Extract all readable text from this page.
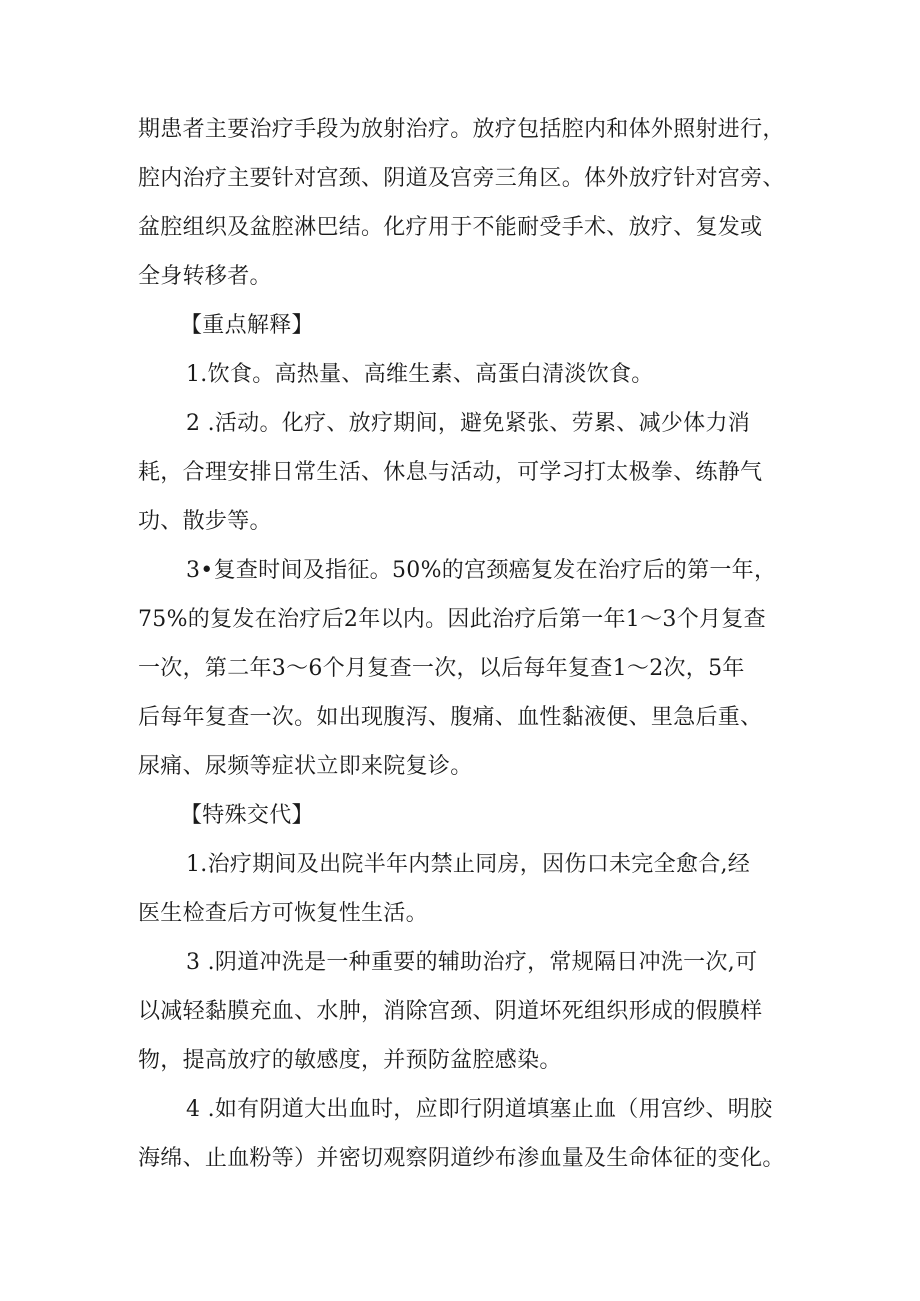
期患者主要治疗手段为放射治疗。放疗包括腔内和体外照射进行，
腔内治疗主要针对宫颈、阴道及宫旁三角区。体外放疗针对宫旁、
盆腔组织及盆腔淋巴结。化疗用于不能耐受手术、放疗、复发或
全身转移者。
【重点解释】
1.饮食。高热量、高维生素、高蛋白清淡饮食。
2 .活动。化疗、放疗期间，避免紧张、劳累、减少体力消
耗，合理安排日常生活、休息与活动，可学习打太极拳、练静气
功、散步等。
3•复查时间及指征。50%的宫颈癌复发在治疗后的第一年，
75%的复发在治疗后2年以内。因此治疗后第一年1～3个月复查
一次，第二年3～6个月复查一次，以后每年复查1～2次，5年
后每年复查一次。如出现腹泻、腹痛、血性黏液便、里急后重、
尿痛、尿频等症状立即来院复诊。
【特殊交代】
1.治疗期间及出院半年内禁止同房，因伤口未完全愈合,经
医生检查后方可恢复性生活。
3 .阴道冲洗是一种重要的辅助治疗，常规隔日冲洗一次,可
以减轻黏膜充血、水肿，消除宫颈、阴道坏死组织形成的假膜样
物，提高放疗的敏感度，并预防盆腔感染。
4 .如有阴道大出血时，应即行阴道填塞止血（用宫纱、明胶
海绵、止血粉等）并密切观察阴道纱布渗血量及生命体征的变化。
